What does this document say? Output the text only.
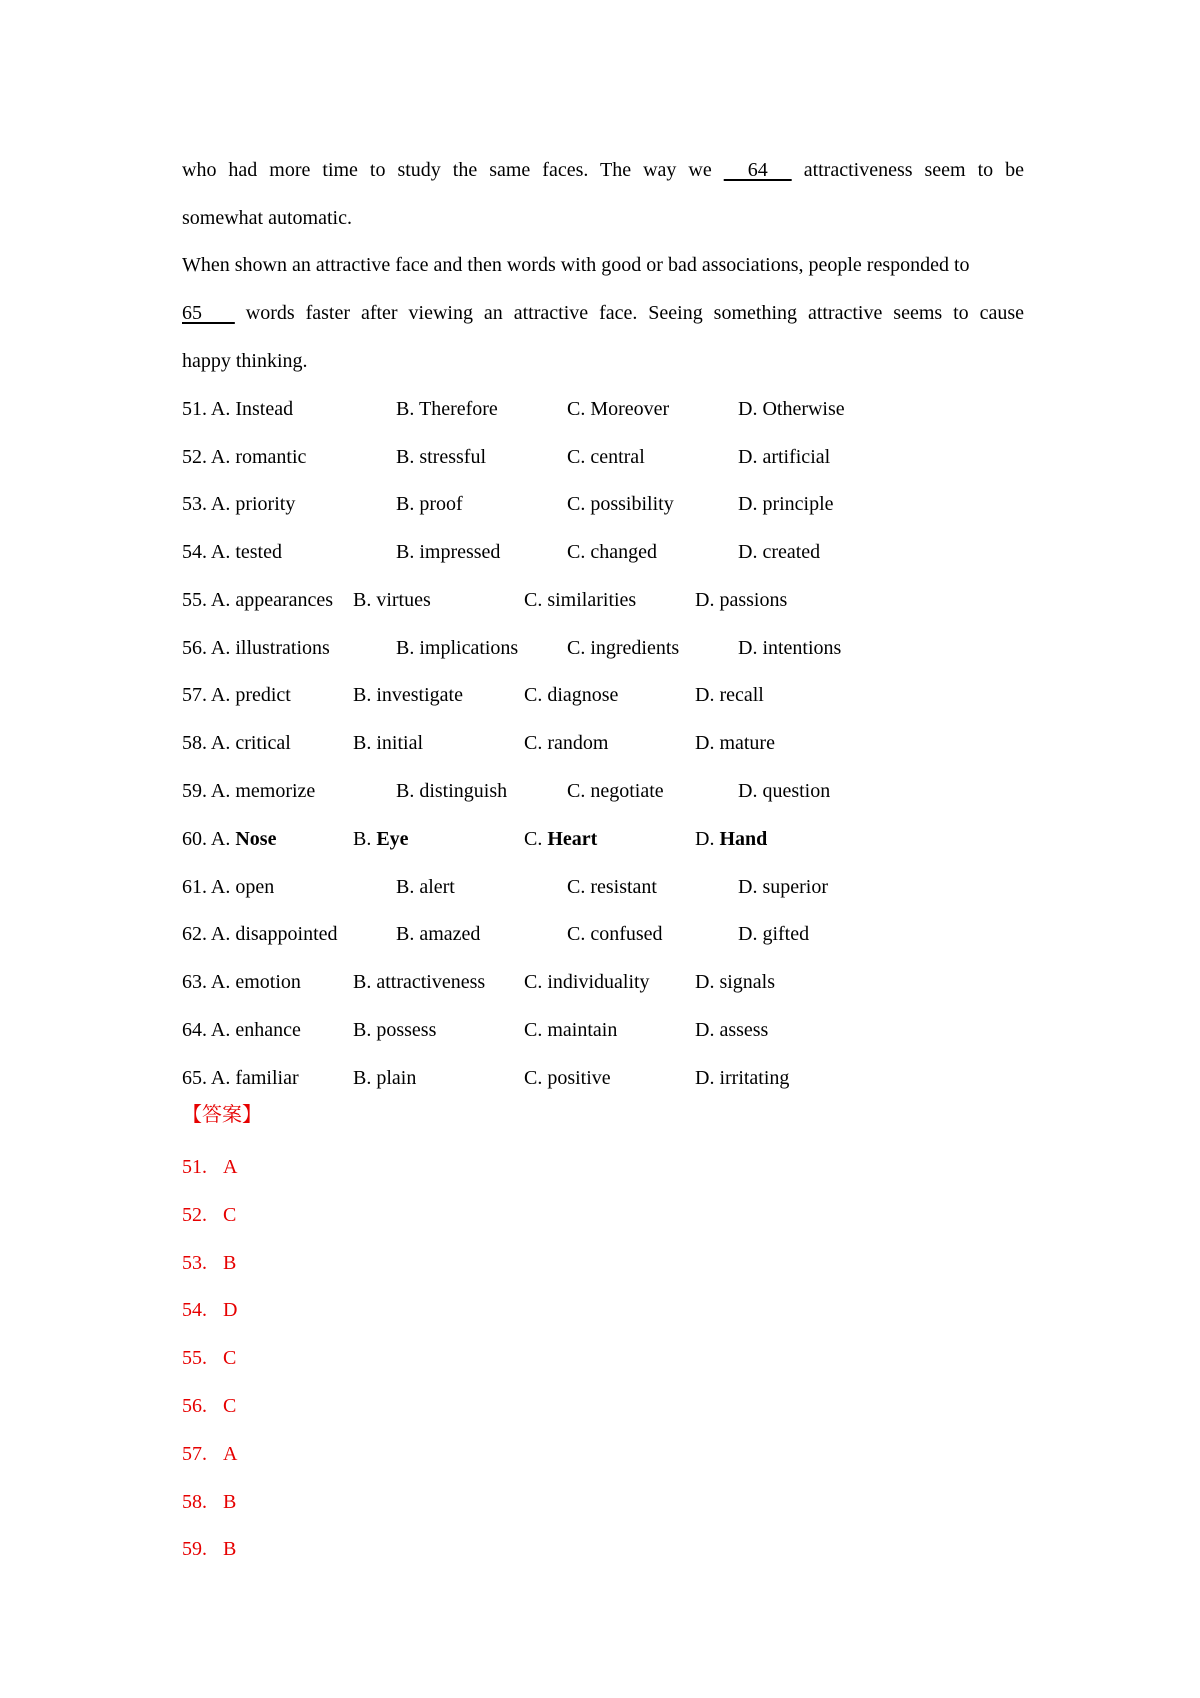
who had more time to study the same faces. The way we   64   attractiveness seem to be
somewhat automatic.
When shown an attractive face and then words with good or bad associations, people responded to
65    words faster after viewing an attractive face. Seeing something attractive seems to cause
happy thinking.
51. A. Instead	B. Therefore	C. Moreover	D. Otherwise
52. A. romantic	B. stressful	C. central	D. artificial
53. A. priority	B. proof	C. possibility	D. principle
54. A. tested	B. impressed	C. changed	D. created
55. A. appearances B. virtues	C. similarities	D. passions
56. A. illustrations	B. implications C. ingredients	D. intentions
57. A. predict	B. investigate	C. diagnose	D. recall
58. A. critical	B. initial	C. random	D. mature
59. A. memorize	B. distinguish	C. negotiate	D. question
60. A. Nose	B. Eye	C. Heart	D. Hand
61. A. open	B. alert	C. resistant	D. superior
62. A. disappointed	B. amazed	C. confused	D. gifted
63. A. emotion	B. attractiveness C. individuality D. signals
64. A. enhance	B. possess	C. maintain	D. assess
65. A. familiar	B. plain	C. positive	D. irritating
【答案】
51. A
52. C
53. B
54. D
55. C
56. C
57. A
58. B
59. B
